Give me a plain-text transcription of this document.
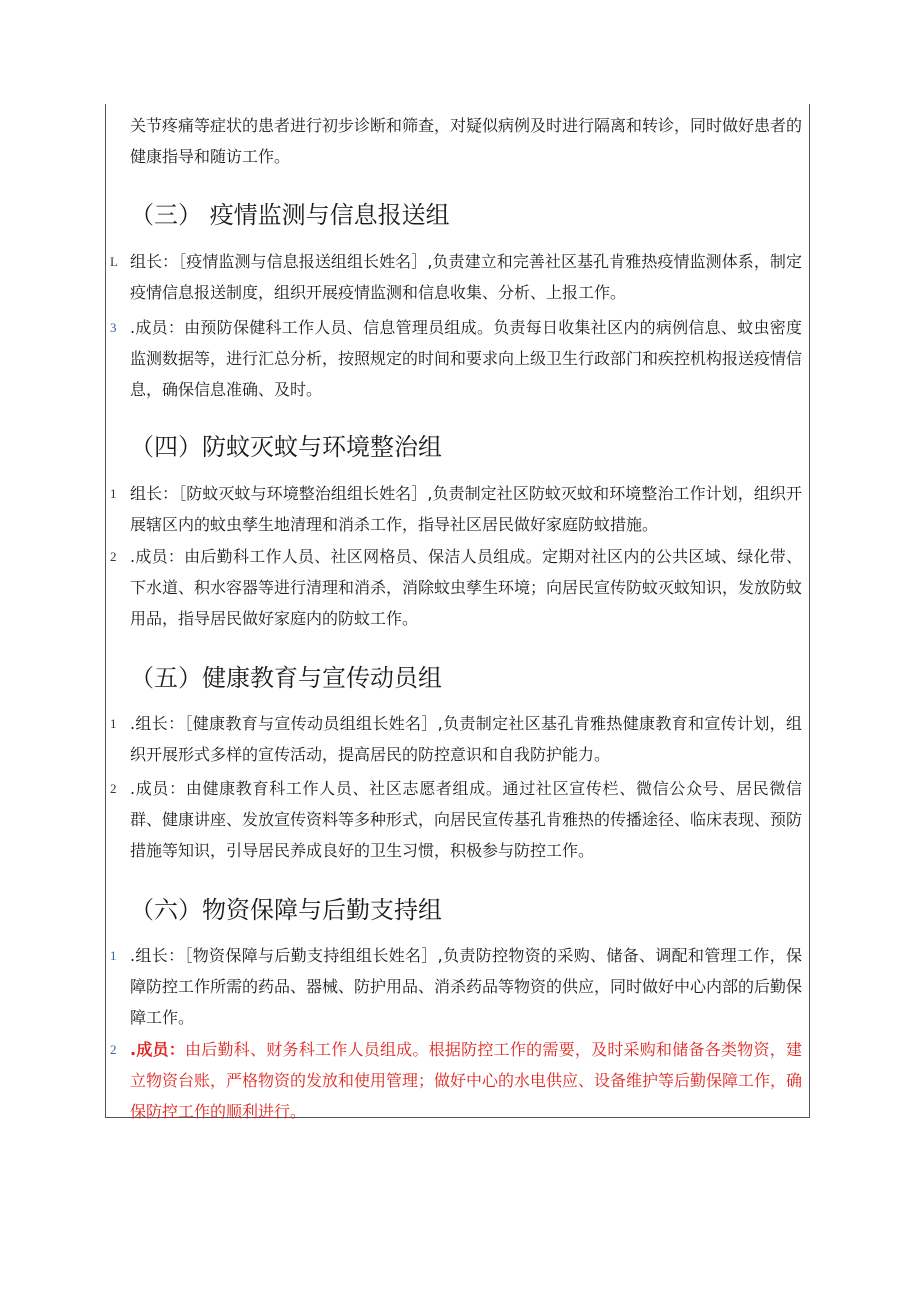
关节疼痛等症状的患者进行初步诊断和筛查，对疑似病例及时进行隔离和转诊，同时做好患者的健康指导和随访工作。
（三） 疫情监测与信息报送组
L 组长：［疫情监测与信息报送组组长姓名］,负责建立和完善社区基孔肯雅热疫情监测体系，制定疫情信息报送制度，组织开展疫情监测和信息收集、分析、上报工作。
3 .成员：由预防保健科工作人员、信息管理员组成。负责每日收集社区内的病例信息、蚊虫密度监测数据等，进行汇总分析，按照规定的时间和要求向上级卫生行政部门和疾控机构报送疫情信息，确保信息准确、及时。
（四）防蚊灭蚊与环境整治组
1 组长：［防蚊灭蚊与环境整治组组长姓名］,负责制定社区防蚊灭蚊和环境整治工作计划，组织开展辖区内的蚊虫孳生地清理和消杀工作，指导社区居民做好家庭防蚊措施。
2 .成员：由后勤科工作人员、社区网格员、保洁人员组成。定期对社区内的公共区域、绿化带、下水道、积水容器等进行清理和消杀，消除蚊虫孳生环境；向居民宣传防蚊灭蚊知识，发放防蚊用品，指导居民做好家庭内的防蚊工作。
（五）健康教育与宣传动员组
1 .组长：［健康教育与宣传动员组组长姓名］,负责制定社区基孔肯雅热健康教育和宣传计划，组织开展形式多样的宣传活动，提高居民的防控意识和自我防护能力。
2 .成员：由健康教育科工作人员、社区志愿者组成。通过社区宣传栏、微信公众号、居民微信群、健康讲座、发放宣传资料等多种形式，向居民宣传基孔肯雅热的传播途径、临床表现、预防措施等知识，引导居民养成良好的卫生习惯，积极参与防控工作。
（六）物资保障与后勤支持组
1 .组长：［物资保障与后勤支持组组长姓名］,负责防控物资的采购、储备、调配和管理工作，保障防控工作所需的药品、器械、防护用品、消杀药品等物资的供应，同时做好中心内部的后勤保障工作。
2 .成员：由后勤科、财务科工作人员组成。根据防控工作的需要，及时采购和储备各类物资，建立物资台账，严格物资的发放和使用管理；做好中心的水电供应、设备维护等后勤保障工作，确保防控工作的顺利进行。
